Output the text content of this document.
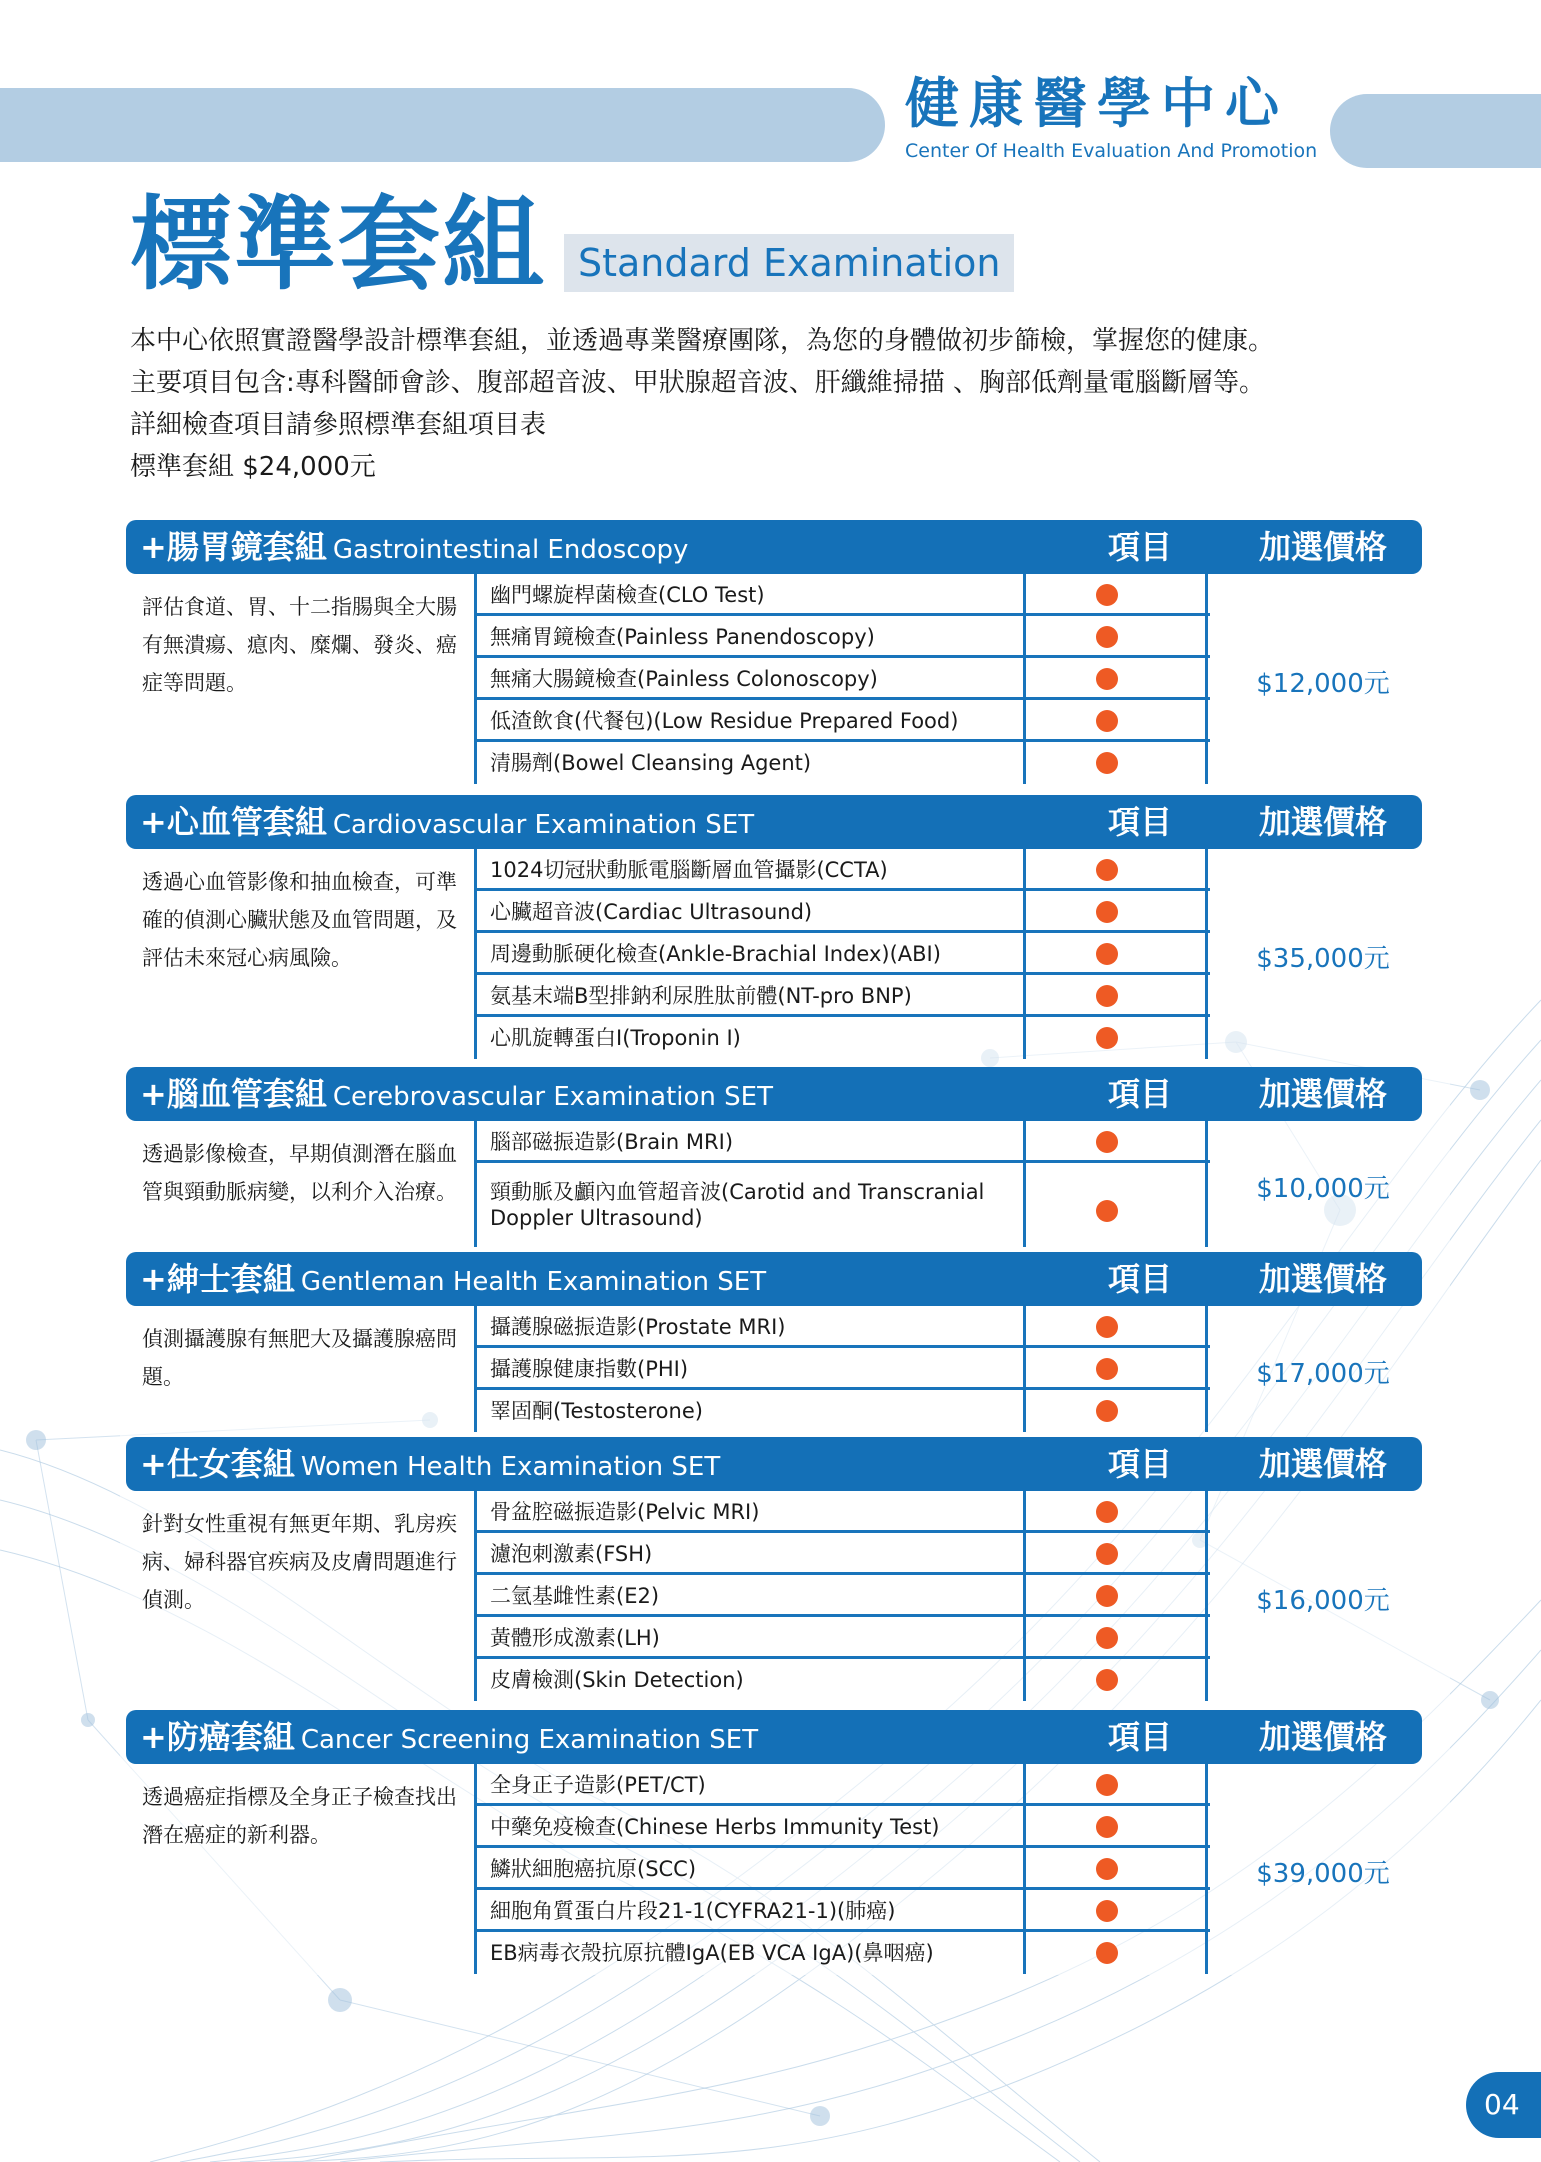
健康醫學中心
Center Of Health Evaluation And Promotion
標準套組 Standard Examination
本中心依照實證醫學設計標準套組，並透過專業醫療團隊，為您的身體做初步篩檢，掌握您的健康。
主要項目包含:專科醫師會診、腹部超音波、甲狀腺超音波、肝纖維掃描 、胸部低劑量電腦斷層等。
詳細檢查項目請參照標準套組項目表
標準套組 $24,000元
+腸胃鏡套組 Gastrointestinal Endoscopy	項目	加選價格
評估食道、胃、十二指腸與全大腸有無潰瘍、瘜肉、糜爛、發炎、癌症等問題。
幽門螺旋桿菌檢查(CLO Test)
無痛胃鏡檢查(Painless Panendoscopy)
無痛大腸鏡檢查(Painless Colonoscopy)
低渣飲食(代餐包)(Low Residue Prepared Food)
清腸劑(Bowel Cleansing Agent)
$12,000元
+心血管套組 Cardiovascular Examination SET	項目	加選價格
透過心血管影像和抽血檢查，可準確的偵測心臟狀態及血管問題，及評估未來冠心病風險。
1024切冠狀動脈電腦斷層血管攝影(CCTA)
心臟超音波(Cardiac Ultrasound)
周邊動脈硬化檢查(Ankle-Brachial Index)(ABI)
氨基末端B型排鈉利尿胜肽前體(NT-pro BNP)
心肌旋轉蛋白I(Troponin I)
$35,000元
+腦血管套組 Cerebrovascular Examination SET	項目	加選價格
透過影像檢查，早期偵測潛在腦血管與頸動脈病變，以利介入治療。
腦部磁振造影(Brain MRI)
頸動脈及顱內血管超音波(Carotid and Transcranial Doppler Ultrasound)
$10,000元
+紳士套組 Gentleman Health Examination SET	項目	加選價格
偵測攝護腺有無肥大及攝護腺癌問題。
攝護腺磁振造影(Prostate MRI)
攝護腺健康指數(PHI)
睪固酮(Testosterone)
$17,000元
+仕女套組 Women Health Examination SET	項目	加選價格
針對女性重視有無更年期、乳房疾病、婦科器官疾病及皮膚問題進行偵測。
骨盆腔磁振造影(Pelvic MRI)
濾泡刺激素(FSH)
二氫基雌性素(E2)
黃體形成激素(LH)
皮膚檢測(Skin Detection)
$16,000元
+防癌套組 Cancer Screening Examination SET	項目	加選價格
透過癌症指標及全身正子檢查找出潛在癌症的新利器。
全身正子造影(PET/CT)
中藥免疫檢查(Chinese Herbs Immunity Test)
鱗狀細胞癌抗原(SCC)
細胞角質蛋白片段21-1(CYFRA21-1)(肺癌)
EB病毒衣殼抗原抗體IgA(EB VCA IgA)(鼻咽癌)
$39,000元
04
